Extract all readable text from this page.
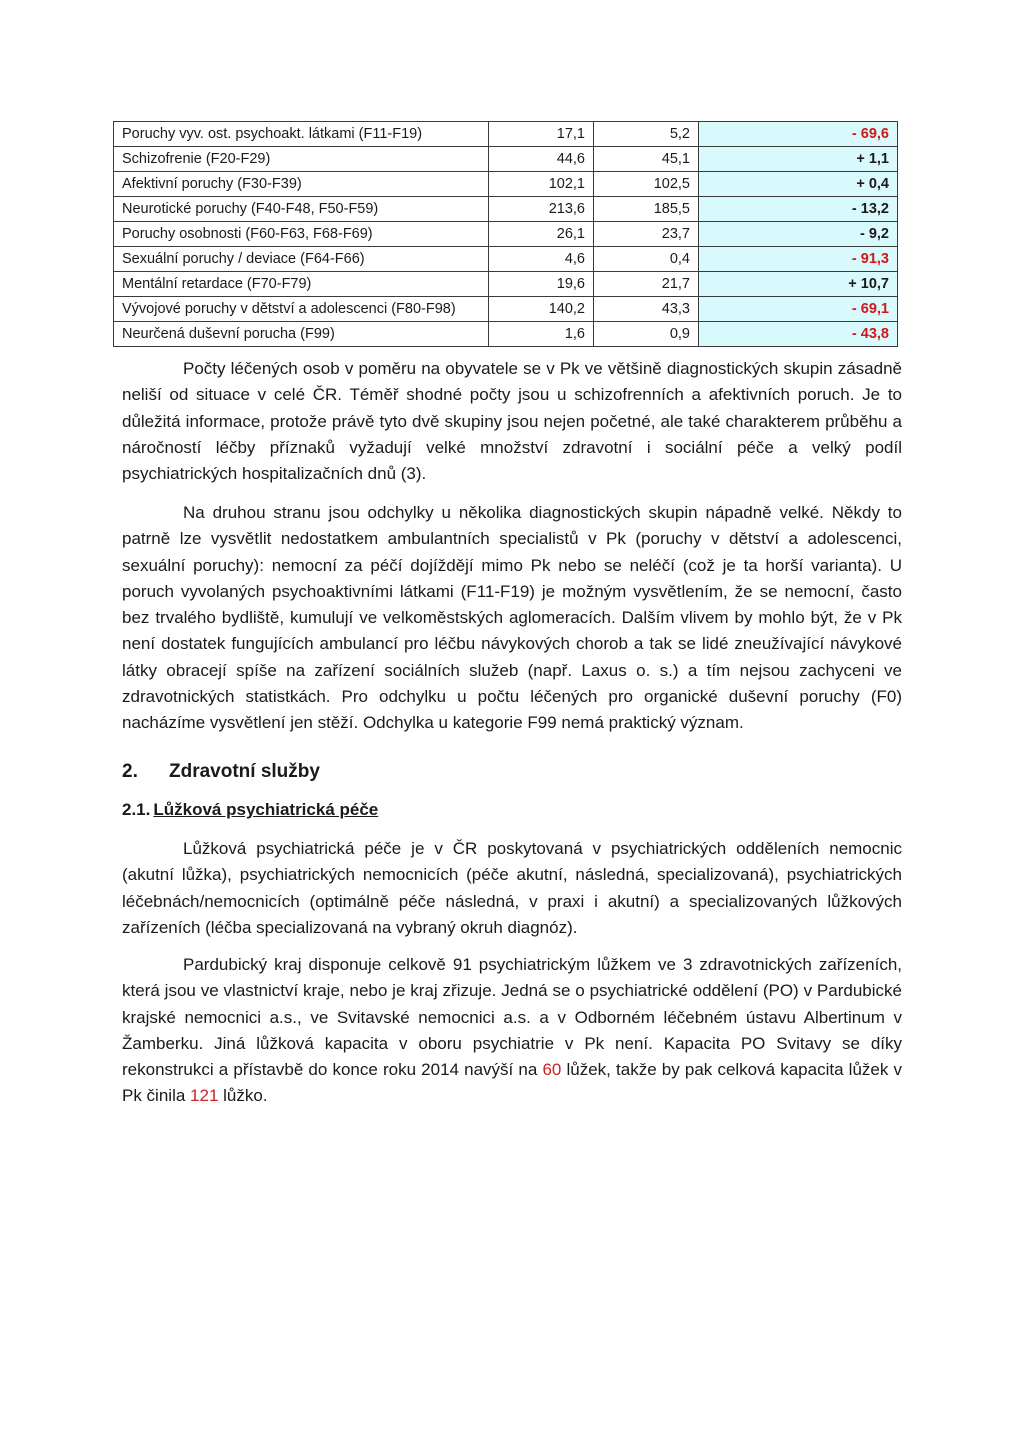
Poruchy vyv. ost. psychoakt. látkami (F11-F19)	17,1	5,2	- 69,6
Schizofrenie (F20-F29)	44,6	45,1	+ 1,1
Afektivní poruchy (F30-F39)	102,1	102,5	+ 0,4
Neurotické poruchy (F40-F48, F50-F59)	213,6	185,5	- 13,2
Poruchy osobnosti (F60-F63, F68-F69)	26,1	23,7	- 9,2
Sexuální poruchy / deviace (F64-F66)	4,6	0,4	- 91,3
Mentální retardace (F70-F79)	19,6	21,7	+ 10,7
Vývojové poruchy v dětství a adolescenci (F80-F98)	140,2	43,3	- 69,1
Neurčená duševní porucha (F99)	1,6	0,9	- 43,8

Počty léčených osob v poměru na obyvatele se v Pk ve většině diagnostických skupin zásadně neliší od situace v celé ČR. Téměř shodné počty jsou u schizofrenních a afektivních poruch. Je to důležitá informace, protože právě tyto dvě skupiny jsou nejen početné, ale také charakterem průběhu a náročností léčby příznaků vyžadují velké množství zdravotní i sociální péče a velký podíl psychiatrických hospitalizačních dnů (3).

Na druhou stranu jsou odchylky u několika diagnostických skupin nápadně velké. Někdy to patrně lze vysvětlit nedostatkem ambulantních specialistů v Pk (poruchy v dětství a adolescenci, sexuální poruchy): nemocní za péčí dojíždějí mimo Pk nebo se neléčí (což je ta horší varianta). U poruch vyvolaných psychoaktivními látkami (F11-F19) je možným vysvětlením, že se nemocní, často bez trvalého bydliště, kumulují ve velkoměstských aglomeracích. Dalším vlivem by mohlo být, že v Pk není dostatek fungujících ambulancí pro léčbu návykových chorob a tak se lidé zneužívající návykové látky obracejí spíše na zařízení sociálních služeb (např. Laxus o. s.) a tím nejsou zachyceni ve zdravotnických statistkách. Pro odchylku u počtu léčených pro organické duševní poruchy (F0) nacházíme vysvětlení jen stěží. Odchylka u kategorie F99 nemá praktický význam.

2. Zdravotní služby
2.1. Lůžková psychiatrická péče

Lůžková psychiatrická péče je v ČR poskytovaná v psychiatrických odděleních nemocnic (akutní lůžka), psychiatrických nemocnicích (péče akutní, následná, specializovaná), psychiatrických léčebnách/nemocnicích (optimálně péče následná, v praxi i akutní) a specializovaných lůžkových zařízeních (léčba specializovaná na vybraný okruh diagnóz).

Pardubický kraj disponuje celkově 91 psychiatrickým lůžkem ve 3 zdravotnických zařízeních, která jsou ve vlastnictví kraje, nebo je kraj zřizuje. Jedná se o psychiatrické oddělení (PO) v Pardubické krajské nemocnici a.s., ve Svitavské nemocnici a.s. a v Odborném léčebném ústavu Albertinum v Žamberku. Jiná lůžková kapacita v oboru psychiatrie v Pk není. Kapacita PO Svitavy se díky rekonstrukci a přístavbě do konce roku 2014 navýší na 60 lůžek, takže by pak celková kapacita lůžek v Pk činila 121 lůžko.
